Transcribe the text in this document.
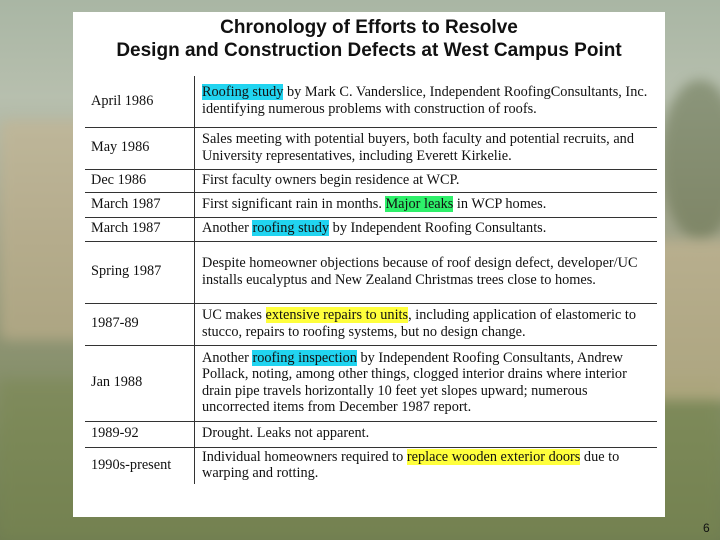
Chronology of Efforts to Resolve
Design and Construction Defects at West Campus Point
April 1986	Roofing study by Mark C. Vanderslice, Independent RoofingConsultants, Inc. identifying numerous problems with construction of roofs.
May 1986	Sales meeting with potential buyers, both faculty and potential recruits, and University representatives, including Everett Kirkelie.
Dec 1986	First faculty owners begin residence at WCP.
March 1987	First significant rain in months. Major leaks in WCP homes.
March 1987	Another roofing study by Independent Roofing Consultants.
Spring 1987	Despite homeowner objections because of roof design defect, developer/UC installs eucalyptus and New Zealand Christmas trees close to homes.
1987-89	UC makes extensive repairs to units, including application of elastomeric to stucco, repairs to roofing systems, but no design change.
Jan 1988	Another roofing inspection by Independent Roofing Consultants, Andrew Pollack, noting, among other things, clogged interior drains where interior drain pipe travels horizontally 10 feet yet slopes upward; numerous uncorrected items from December 1987 report.
1989-92	Drought. Leaks not apparent.
1990s-present	Individual homeowners required to replace wooden exterior doors due to warping and rotting.
6
